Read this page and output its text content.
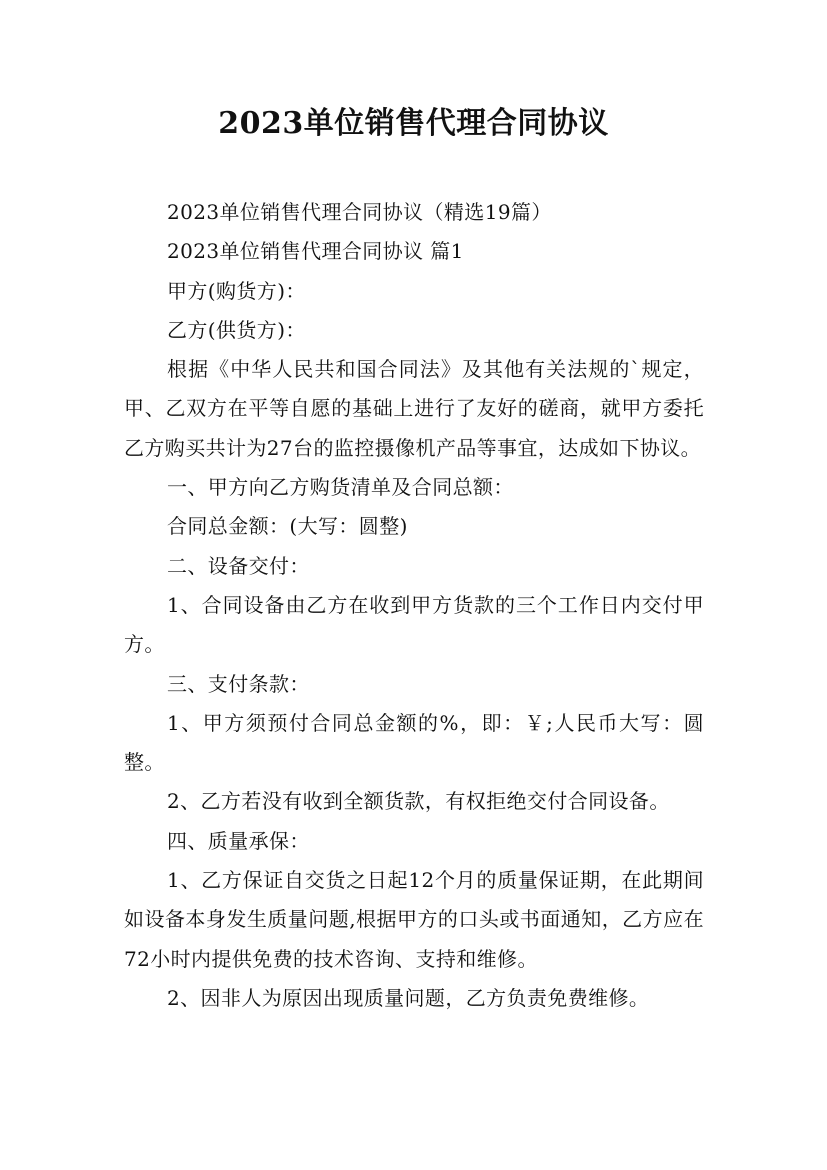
2023单位销售代理合同协议

2023单位销售代理合同协议（精选19篇）

2023单位销售代理合同协议 篇1

甲方(购货方)：

乙方(供货方)：

根据《中华人民共和国合同法》及其他有关法规的`规定，甲、乙双方在平等自愿的基础上进行了友好的磋商，就甲方委托乙方购买共计为27台的监控摄像机产品等事宜，达成如下协议。

一、甲方向乙方购货清单及合同总额：

合同总金额：(大写：圆整)

二、设备交付：

1、合同设备由乙方在收到甲方货款的三个工作日内交付甲方。

三、支付条款：

1、甲方须预付合同总金额的%，即：￥;人民币大写：圆整。

2、乙方若没有收到全额货款，有权拒绝交付合同设备。

四、质量承保：

1、乙方保证自交货之日起12个月的质量保证期，在此期间如设备本身发生质量问题,根据甲方的口头或书面通知，乙方应在72小时内提供免费的技术咨询、支持和维修。

2、因非人为原因出现质量问题，乙方负责免费维修。
